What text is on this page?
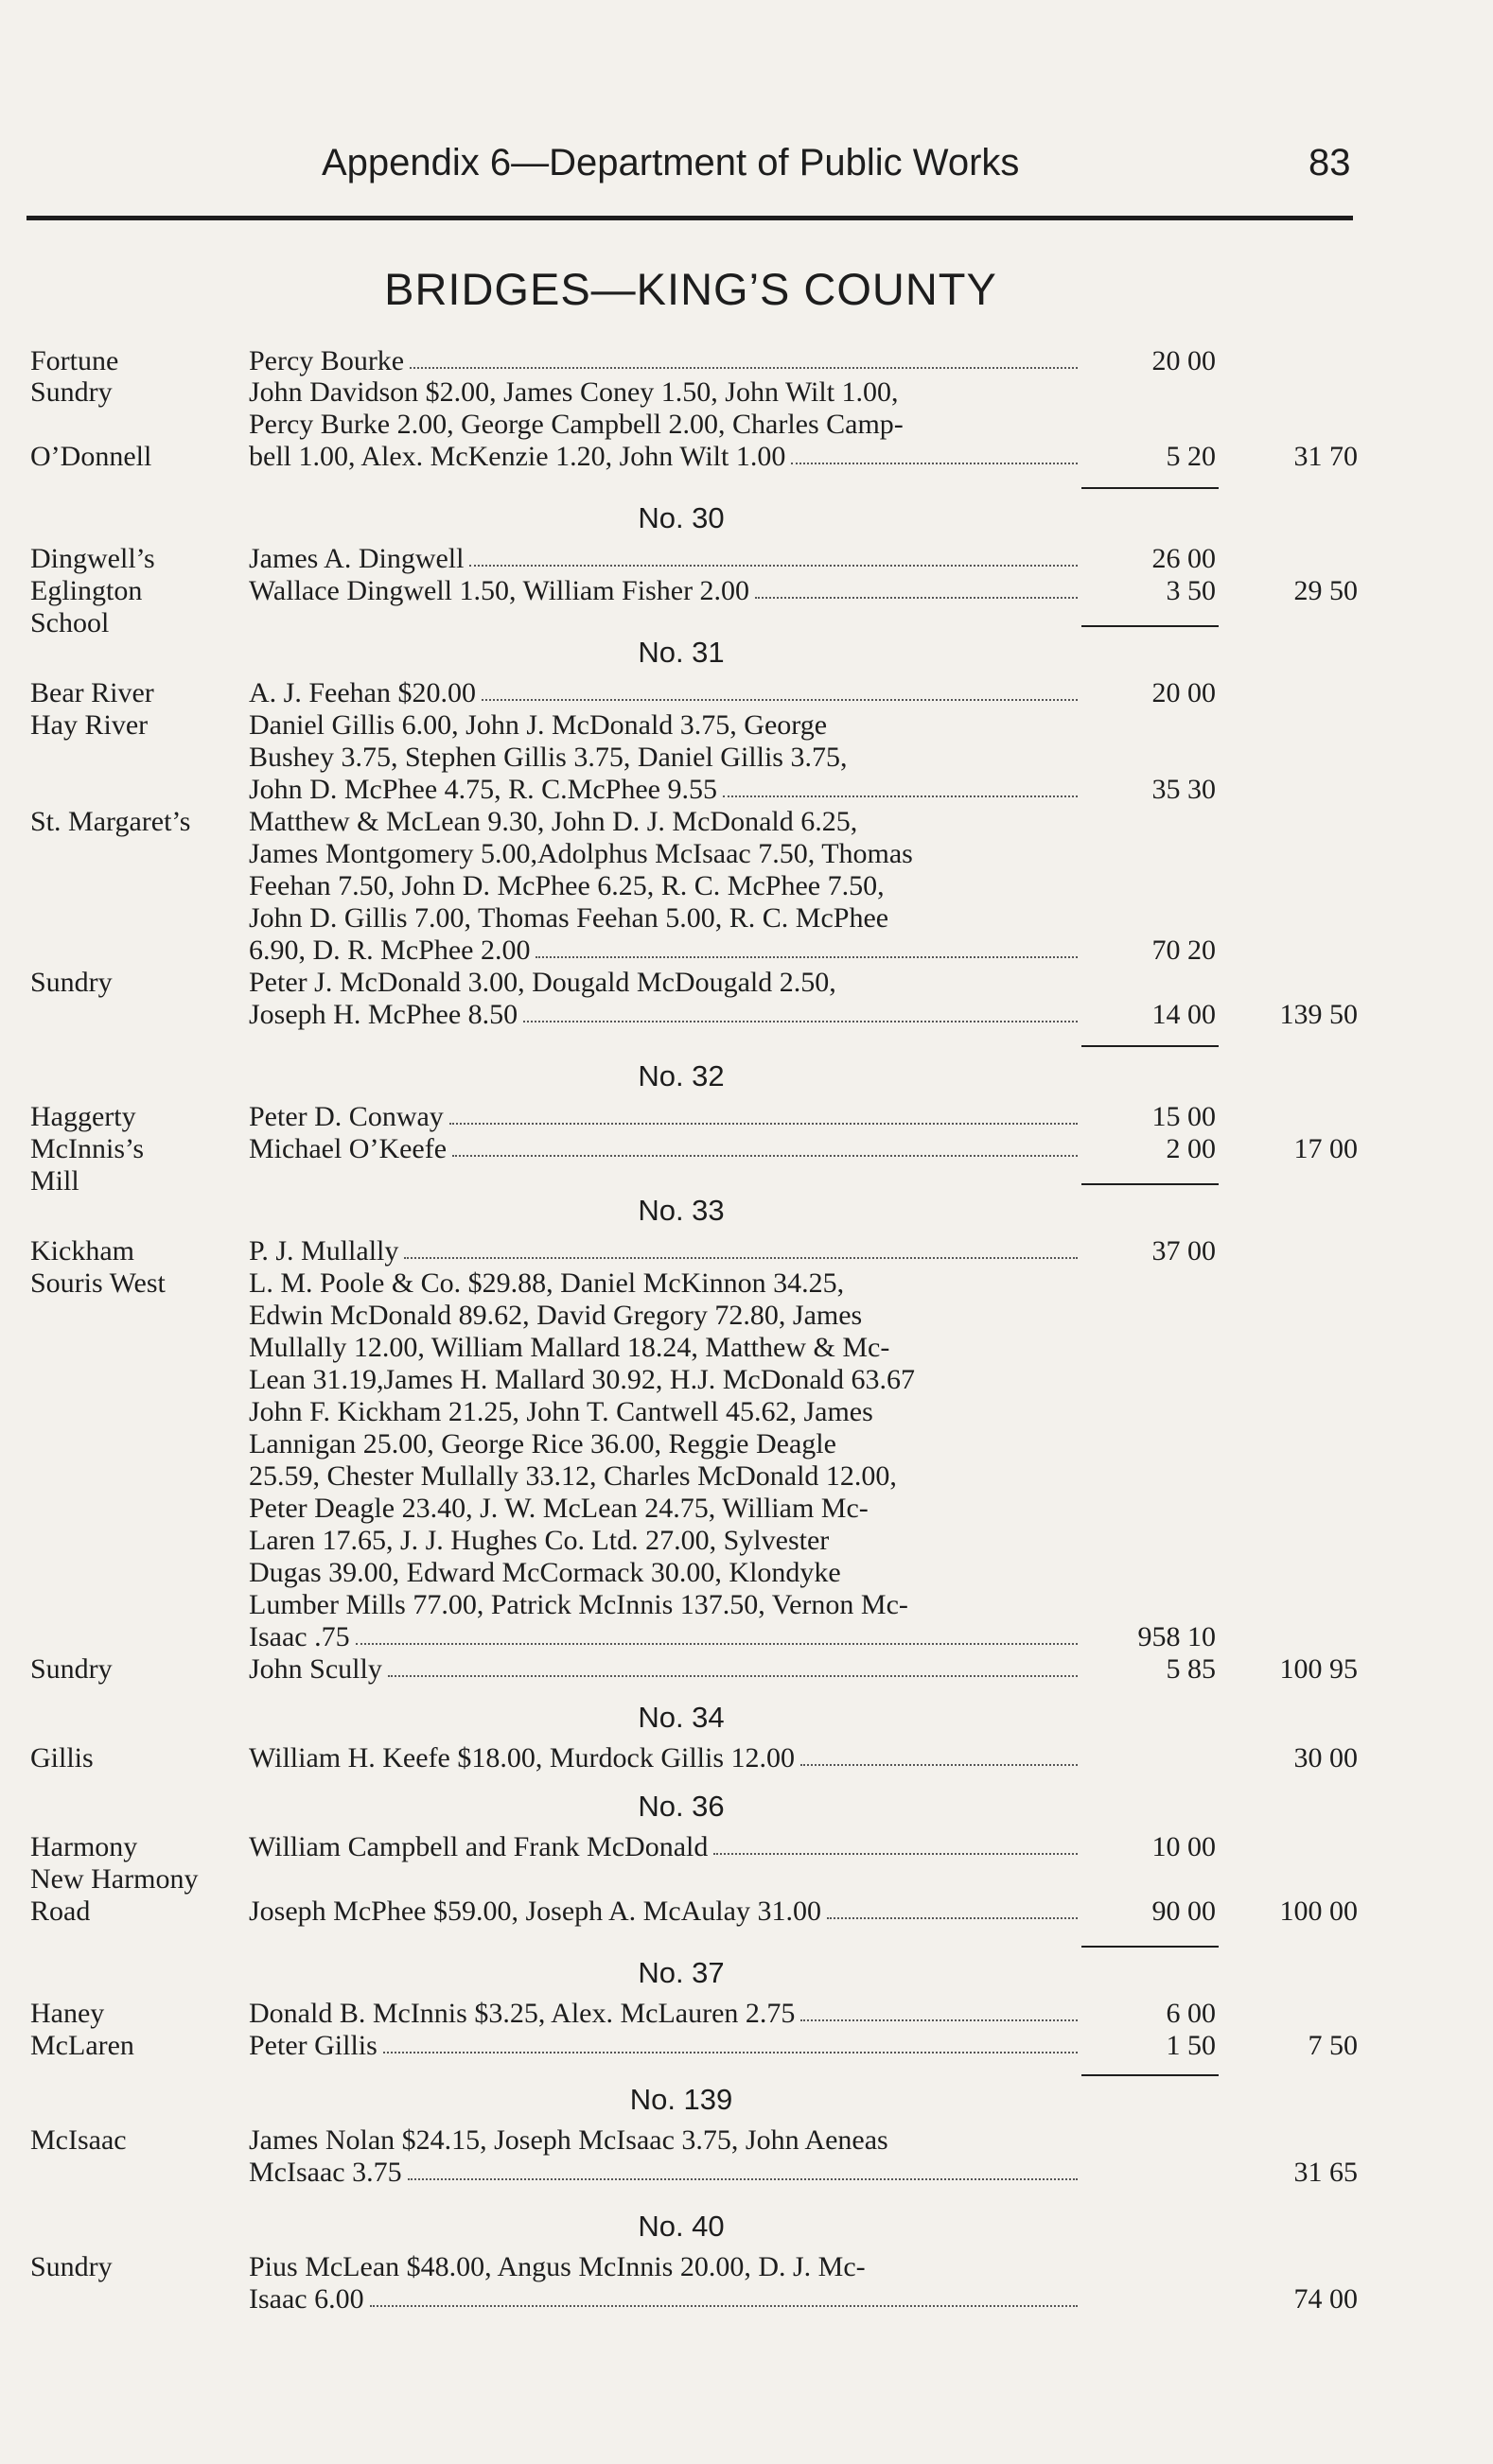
Appendix 6—Department of Public Works	83
BRIDGES—KING’S COUNTY
No. 30
No. 31
No. 32
No. 33
No. 34
No. 36
No. 37
No. 139
No. 40
Fortune	Percy Bourke	20 00
Sundry	John Davidson $2.00, James Coney 1.50, John Wilt 1.00,
Percy Burke 2.00, George Campbell 2.00, Charles Camp-
O’Donnell	bell 1.00, Alex. McKenzie 1.20, John Wilt 1.00	5 20	31 70
Dingwell’s	James A. Dingwell	26 00
Eglington	Wallace Dingwell 1.50, William Fisher 2.00	3 50	29 50
School
Bear River	A. J. Feehan $20.00	20 00
Hay River	Daniel Gillis 6.00, John J. McDonald 3.75, George
Bushey 3.75, Stephen Gillis 3.75, Daniel Gillis 3.75,
John D. McPhee 4.75, R. C.McPhee 9.55	35 30
St. Margaret’s Matthew & McLean 9.30, John D. J. McDonald 6.25,
James Montgomery 5.00,Adolphus McIsaac 7.50, Thomas
Feehan 7.50, John D. McPhee 6.25, R. C. McPhee 7.50,
John D. Gillis 7.00, Thomas Feehan 5.00, R. C. McPhee
6.90, D. R. McPhee 2.00	70 20
Sundry	Peter J. McDonald 3.00, Dougald McDougald 2.50,
Joseph H. McPhee 8.50	14 00	139 50
Haggerty	Peter D. Conway	15 00
McInnis’s	Michael O’Keefe	2 00	17 00
Mill
Kickham	P. J. Mullally	37 00
Souris West	L. M. Poole & Co. $29.88, Daniel McKinnon 34.25,
Edwin McDonald 89.62, David Gregory 72.80, James
Mullally 12.00, William Mallard 18.24, Matthew & Mc-
Lean 31.19,James H. Mallard 30.92, H.J. McDonald 63.67
John F. Kickham 21.25, John T. Cantwell 45.62, James
Lannigan 25.00, George Rice 36.00, Reggie Deagle
25.59, Chester Mullally 33.12, Charles McDonald 12.00,
Peter Deagle 23.40, J. W. McLean 24.75, William Mc-
Laren 17.65, J. J. Hughes Co. Ltd. 27.00, Sylvester
Dugas 39.00, Edward McCormack 30.00, Klondyke
Lumber Mills 77.00, Patrick McInnis 137.50, Vernon Mc-
Isaac .75	958 10
Sundry	John Scully	5 85	100 95
Gillis	William H. Keefe $18.00, Murdock Gillis 12.00	30 00
Harmony	William Campbell and Frank McDonald	10 00
New Harmony
Road	Joseph McPhee $59.00, Joseph A. McAulay 31.00	90 00	100 00
Haney	Donald B. McInnis $3.25, Alex. McLauren 2.75	6 00
McLaren	Peter Gillis	1 50	7 50
McIsaac	James Nolan $24.15, Joseph McIsaac 3.75, John Aeneas
McIsaac 3.75	31 65
Sundry	Pius McLean $48.00, Angus McInnis 20.00, D. J. Mc-
Isaac 6.00	74 00
